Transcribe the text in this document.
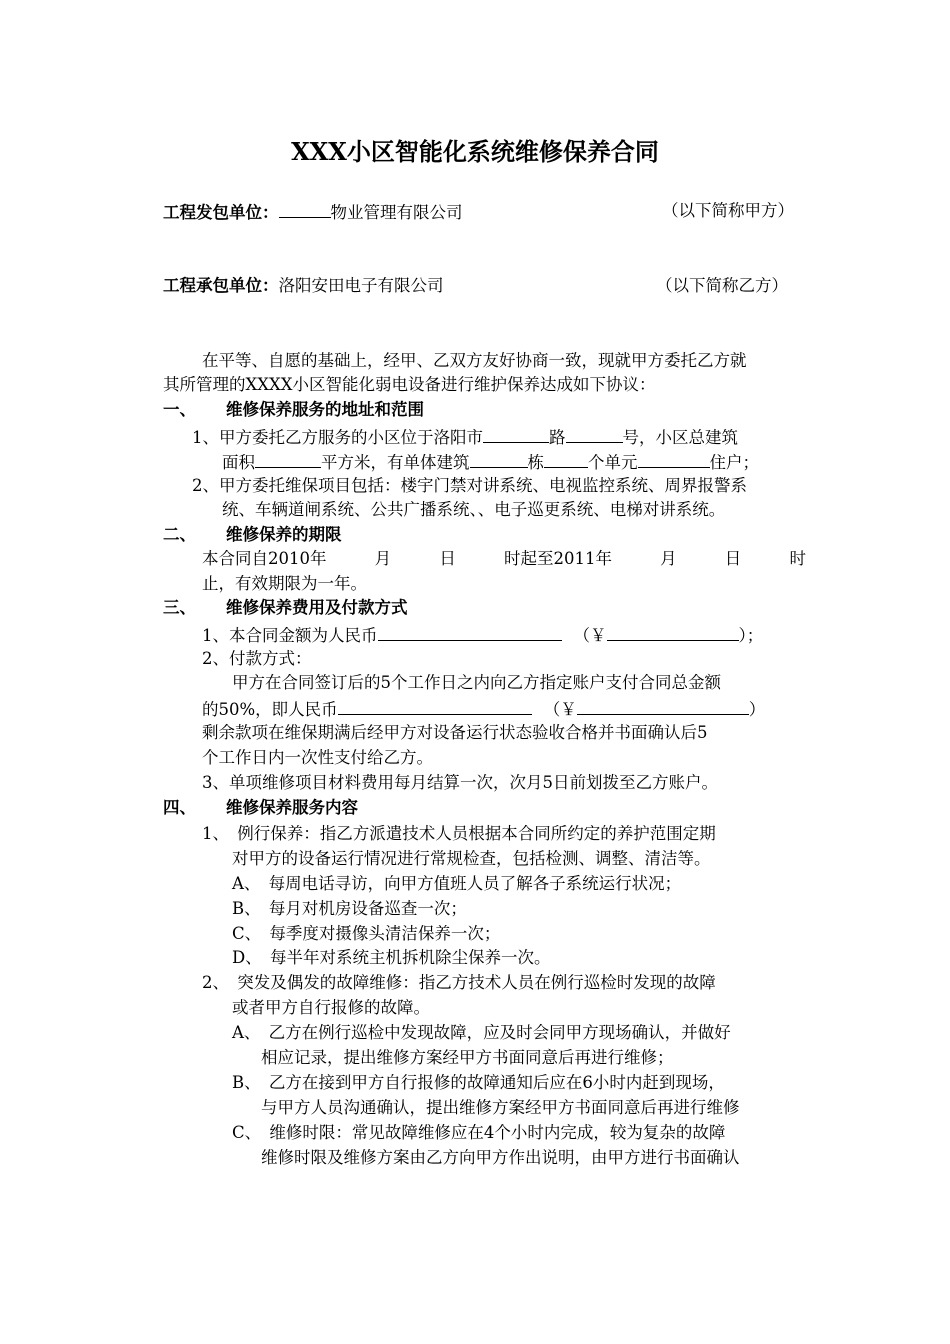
XXX小区智能化系统维修保养合同
工程发包单位：	物业管理有限公司	（以下简称甲方）
工程承包单位：洛阳安田电子有限公司	（以下简称乙方）
在平等、自愿的基础上，经甲、乙双方友好协商一致，现就甲方委托乙方就
其所管理的XXXX小区智能化弱电设备进行维护保养达成如下协议：
一、 维修保养服务的地址和范围
1、甲方委托乙方服务的小区位于洛阳市	路	号，小区总建筑
面积	平方米，有单体建筑	栋	个单元	住户；
2、甲方委托维保项目包括：楼宇门禁对讲系统、电视监控系统、周界报警系
统、车辆道闸系统、公共广播系统、、电子巡更系统、电梯对讲系统。
二、 维修保养的期限
本合同自2010年	月	日	时起至2011年	月	日	时
止，有效期限为一年。
三、 维修保养费用及付款方式
1、本合同金额为人民币	（￥	）；
2、付款方式：
甲方在合同签订后的5个工作日之内向乙方指定账户支付合同总金额
的50%，即人民币	（￥	）
剩余款项在维保期满后经甲方对设备运行状态验收合格并书面确认后5
个工作日内一次性支付给乙方。
3、单项维修项目材料费用每月结算一次，次月5日前划拨至乙方账户。
四、 维修保养服务内容
1、　例行保养：指乙方派遣技术人员根据本合同所约定的养护范围定期
对甲方的设备运行情况进行常规检查，包括检测、调整、清洁等。
A、　每周电话寻访，向甲方值班人员了解各子系统运行状况；
B、　每月对机房设备巡查一次；
C、　每季度对摄像头清洁保养一次；
D、　每半年对系统主机拆机除尘保养一次。
2、　突发及偶发的故障维修：指乙方技术人员在例行巡检时发现的故障
或者甲方自行报修的故障。
A、　乙方在例行巡检中发现故障，应及时会同甲方现场确认，并做好
相应记录，提出维修方案经甲方书面同意后再进行维修；
B、　乙方在接到甲方自行报修的故障通知后应在6小时内赶到现场，
与甲方人员沟通确认，提出维修方案经甲方书面同意后再进行维修
C、　维修时限：常见故障维修应在4个小时内完成，较为复杂的故障
维修时限及维修方案由乙方向甲方作出说明，由甲方进行书面确认
